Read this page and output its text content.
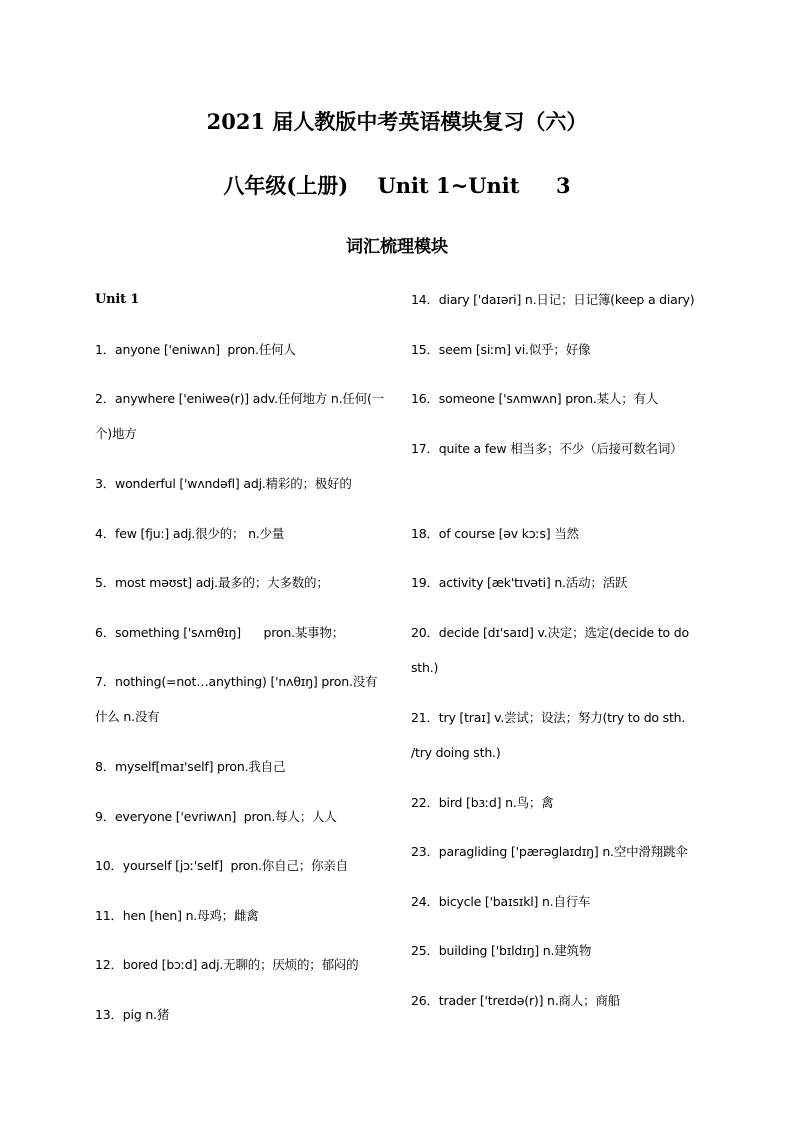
2021 届人教版中考英语模块复习（六）
八年级(上册)    Unit 1~Unit     3
词汇梳理模块
Unit 1
1．anyone ['eniwʌn]  pron.任何人
2．anywhere ['eniweə(r)] adv.任何地方 n.任何(一个)地方
3．wonderful ['wʌndəfl] adj.精彩的；极好的
4．few [fju:] adj.很少的； n.少量
5．most məʊst] adj.最多的；大多数的；
6．something ['sʌmθɪŋ]      pron.某事物；
7．nothing(=not…anything) ['nʌθɪŋ] pron.没有什么 n.没有
8．myself[maɪ'self] pron.我自己
9．everyone ['evriwʌn]  pron.每人；人人
10．yourself [jɔː'self]  pron.你自己；你亲自
11．hen [hen] n.母鸡；雌禽
12．bored [bɔːd] adj.无聊的；厌烦的；郁闷的
13．pig n.猪
14．diary ['daɪəri] n.日记；日记簿(keep a diary)
15．seem [siːm] vi.似乎；好像
16．someone ['sʌmwʌn] pron.某人；有人
17．quite a few 相当多；不少（后接可数名词）
18．of course [əv kɔːs] 当然
19．activity [æk'tɪvəti] n.活动；活跃
20．decide [dɪ'saɪd] v.决定；选定(decide to do sth.)
21．try [traɪ] v.尝试；设法；努力(try to do sth. /try doing sth.)
22．bird [bɜːd] n.鸟；禽
23．paragliding ['pærəɡlaɪdɪŋ] n.空中滑翔跳伞
24．bicycle ['baɪsɪkl] n.自行车
25．building ['bɪldɪŋ] n.建筑物
26．trader ['treɪdə(r)] n.商人；商船
